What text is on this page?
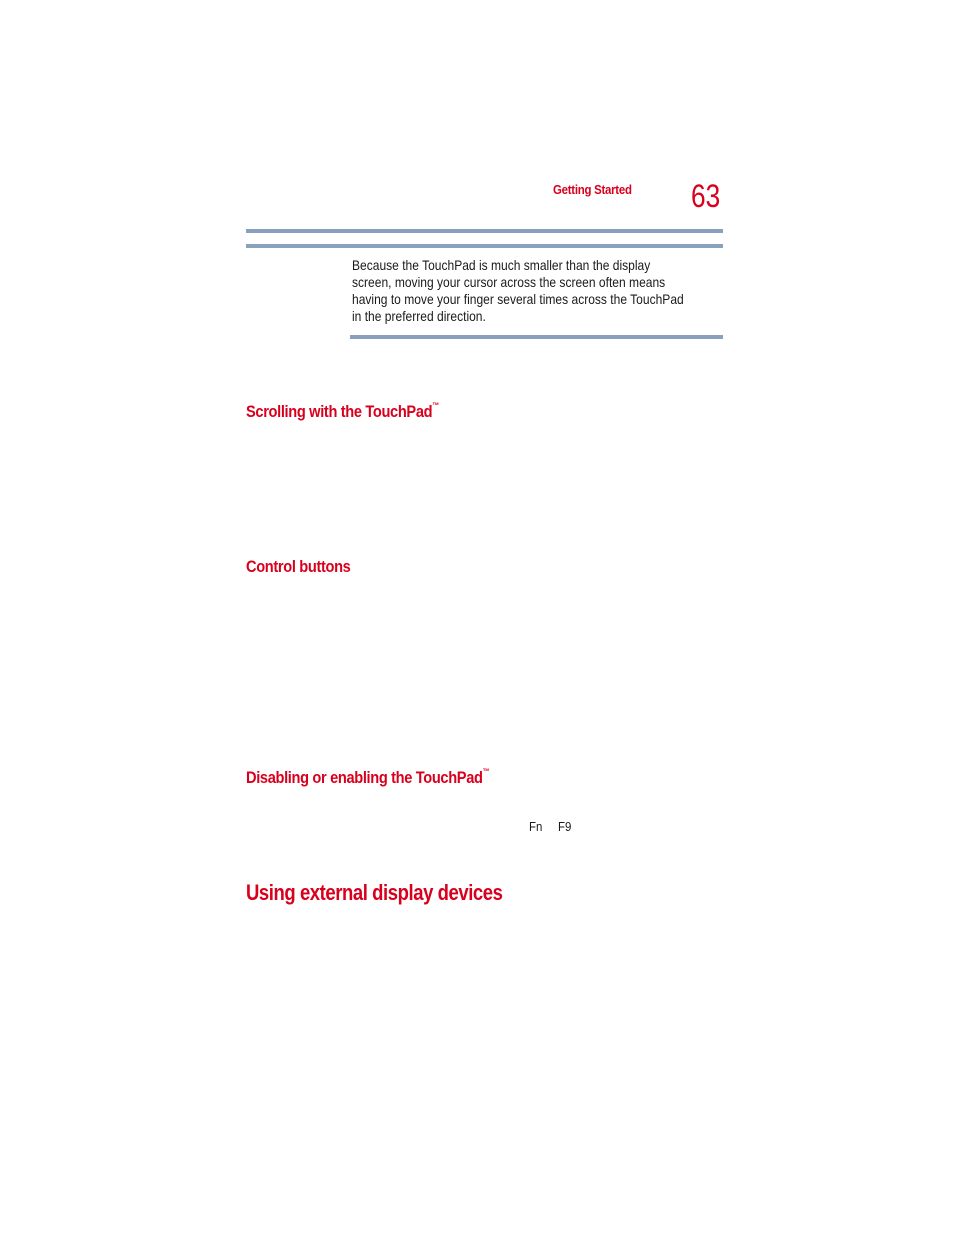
Getting Started 63
Because the TouchPad is much smaller than the display screen, moving your cursor across the screen often means having to move your finger several times across the TouchPad in the preferred direction.
Scrolling with the TouchPad™
Control buttons
Disabling or enabling the TouchPad™
Fn F9
Using external display devices
